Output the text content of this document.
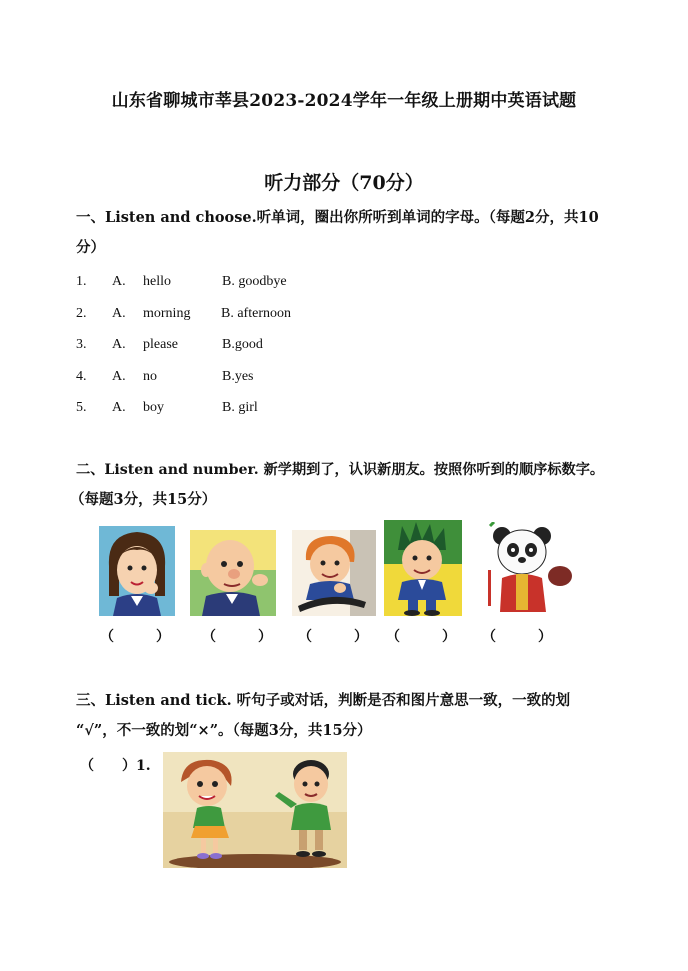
山东省聊城市莘县2023-2024学年一年级上册期中英语试题
听力部分（70分）
一、Listen and choose.听单词，圈出你所听到单词的字母。（每题2分，共10
分）
1. A. hello	B. goodbye
2. A. morning B. afternoon
3. A. please	B.good
4. A. no	B.yes
5. A. boy	B. girl
二、Listen and number. 新学期到了，认识新朋友。按照你听到的顺序标数字。
（每题3分，共15分）
（　　　） （　　　） （　　　） （　　　） （　　　）
三、Listen and tick. 听句子或对话，判断是否和图片意思一致，一致的划
“√”，不一致的划“×”。（每题3分，共15分）
（　　）1.
